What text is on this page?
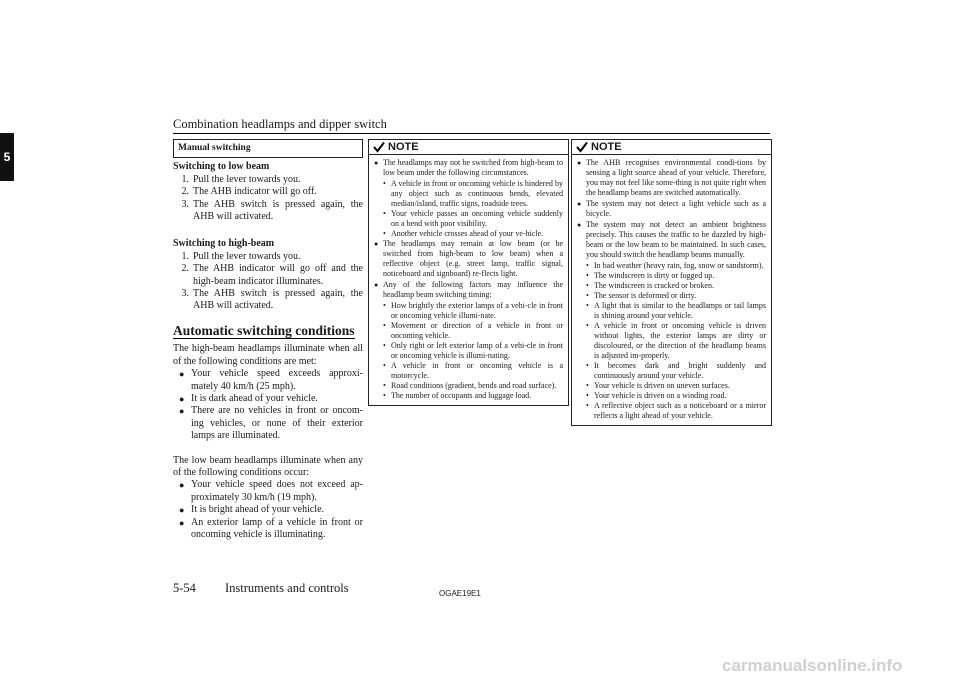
Combination headlamps and dipper switch
5
Manual switching
Switching to low beam
1. Pull the lever towards you.
2. The AHB indicator will go off.
3. The AHB switch is pressed again, the AHB will activated.
Switching to high-beam
1. Pull the lever towards you.
2. The AHB indicator will go off and the high-beam indicator illuminates.
3. The AHB switch is pressed again, the AHB will activated.
Automatic switching conditions
The high-beam headlamps illuminate when all of the following conditions are met:
● Your vehicle speed exceeds approxi-mately 40 km/h (25 mph).
● It is dark ahead of your vehicle.
● There are no vehicles in front or oncom-ing vehicles, or none of their exterior lamps are illuminated.
The low beam headlamps illuminate when any of the following conditions occur:
● Your vehicle speed does not exceed ap-proximately 30 km/h (19 mph).
● It is bright ahead of your vehicle.
● An exterior lamp of a vehicle in front or oncoming vehicle is illuminating.
NOTE
● The headlamps may not be switched from high-beam to low beam under the following circumstances.
• A vehicle in front or oncoming vehicle is hindered by any object such as continuous bends, elevated median/island, traffic signs, roadside trees.
• Your vehicle passes an oncoming vehicle suddenly on a bend with poor visibility.
• Another vehicle crosses ahead of your ve-hicle.
● The headlamps may remain at low beam (or be switched from high-beam to low beam) when a reflective object (e.g. street lamp, traffic signal, noticeboard and signboard) re-flects light.
● Any of the following factors may influence the headlamp beam switching timing:
• How brightly the exterior lamps of a vehi-cle in front or oncoming vehicle illumi-nate.
• Movement or direction of a vehicle in front or oncoming vehicle.
• Only right or left exterior lamp of a vehi-cle in front or oncoming vehicle is illumi-nating.
• A vehicle in front or oncoming vehicle is a motorcycle.
• Road conditions (gradient, bends and road surface).
• The number of occupants and luggage load.
NOTE
● The AHB recognises environmental condi-tions by sensing a light source ahead of your vehicle. Therefore, you may not feel like some-thing is not quite right when the headlamp beams are switched automatically.
● The system may not detect a light vehicle such as a bicycle.
● The system may not detect an ambient brightness precisely. This causes the traffic to be dazzled by high-beam or the low beam to be maintained. In such cases, you should switch the headlamp beams manually.
• In bad weather (heavy rain, fog, snow or sandstorm).
• The windscreen is dirty or fogged up.
• The windscreen is cracked or broken.
• The sensor is deformed or dirty.
• A light that is similar to the headlamps or tail lamps is shining around your vehicle.
• A vehicle in front or oncoming vehicle is driven without lights, the exterior lamps are dirty or discoloured, or the direction of the headlamp beams is adjusted im-properly.
• It becomes dark and bright suddenly and continuously around your vehicle.
• Your vehicle is driven on uneven surfaces.
• Your vehicle is driven on a winding road.
• A reflective object such as a noticeboard or a mirror reflects a light ahead of your vehicle.
5-54 Instruments and controls	OGAE19E1
carmanualsonline.info
